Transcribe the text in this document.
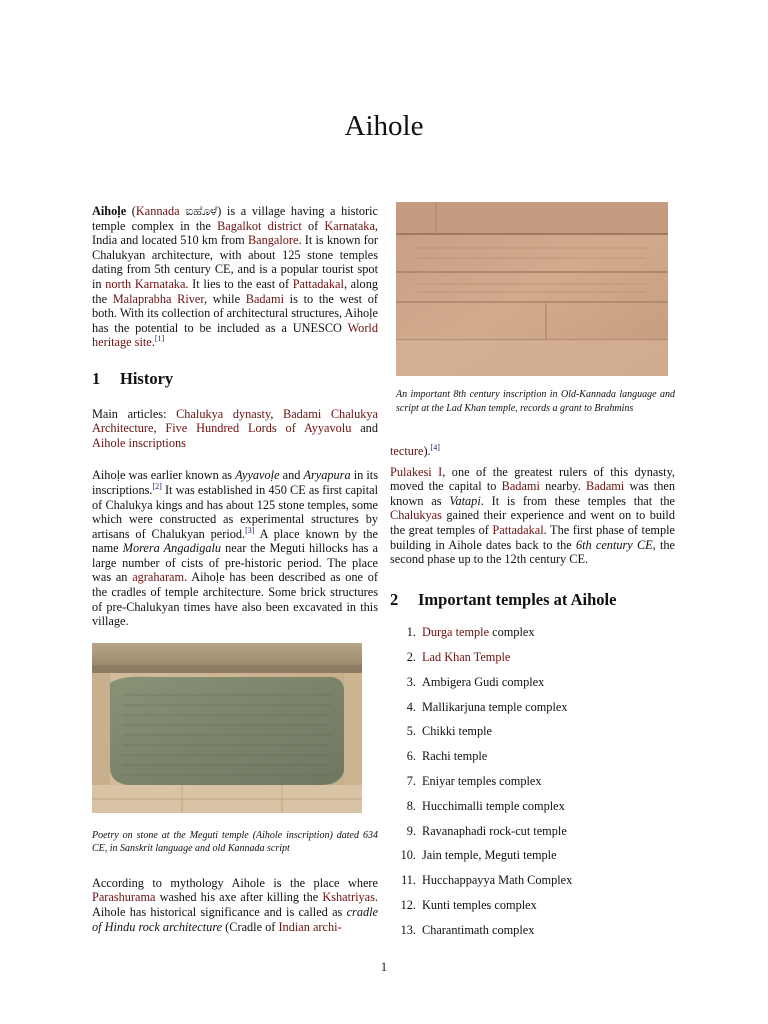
Aihole

Aihoḷe (Kannada ಐಹೊಳೆ) is a village having a historic temple complex in the Bagalkot district of Karnataka, India and located 510 km from Bangalore. It is known for Chalukyan architecture, with about 125 stone temples dating from 5th century CE, and is a popular tourist spot in north Karnataka. It lies to the east of Pattadakal, along the Malaprabha River, while Badami is to the west of both. With its collection of architectural structures, Aihoḷe has the potential to be included as a UNESCO World heritage site.[1]

1 History

Main articles: Chalukya dynasty, Badami Chalukya Architecture, Five Hundred Lords of Ayyavolu and Aihole inscriptions

Aihoḷe was earlier known as Ayyavoḷe and Aryapura in its inscriptions.[2] It was established in 450 CE as first capital of Chalukya kings and has about 125 stone temples, some which were constructed as experimental structures by artisans of Chalukyan period.[3] A place known by the name Morera Angadigalu near the Meguti hillocks has a large number of cists of pre-historic period. The place was an agraharam. Aihoḷe has been described as one of the cradles of temple architecture. Some brick structures of pre-Chalukyan times have also been excavated in this village.

Poetry on stone at the Meguti temple (Aihole inscription) dated 634 CE, in Sanskrit language and old Kannada script

According to mythology Aihole is the place where Parashurama washed his axe after killing the Kshatriyas. Aihole has historical significance and is called as cradle of Hindu rock architecture (Cradle of Indian archi-

An important 8th century inscription in Old-Kannada language and script at the Lad Khan temple, records a grant to Brahmins

tecture).[4]

Pulakesi I, one of the greatest rulers of this dynasty, moved the capital to Badami nearby. Badami was then known as Vatapi. It is from these temples that the Chalukyas gained their experience and went on to build the great temples of Pattadakal. The first phase of temple building in Aihole dates back to the 6th century CE, the second phase up to the 12th century CE.

2 Important temples at Aihole
1. Durga temple complex
2. Lad Khan Temple
3. Ambigera Gudi complex
4. Mallikarjuna temple complex
5. Chikki temple
6. Rachi temple
7. Eniyar temples complex
8. Hucchimalli temple complex
9. Ravanaphadi rock-cut temple
10. Jain temple, Meguti temple
11. Hucchappayya Math Complex
12. Kunti temples complex
13. Charantimath complex
1
